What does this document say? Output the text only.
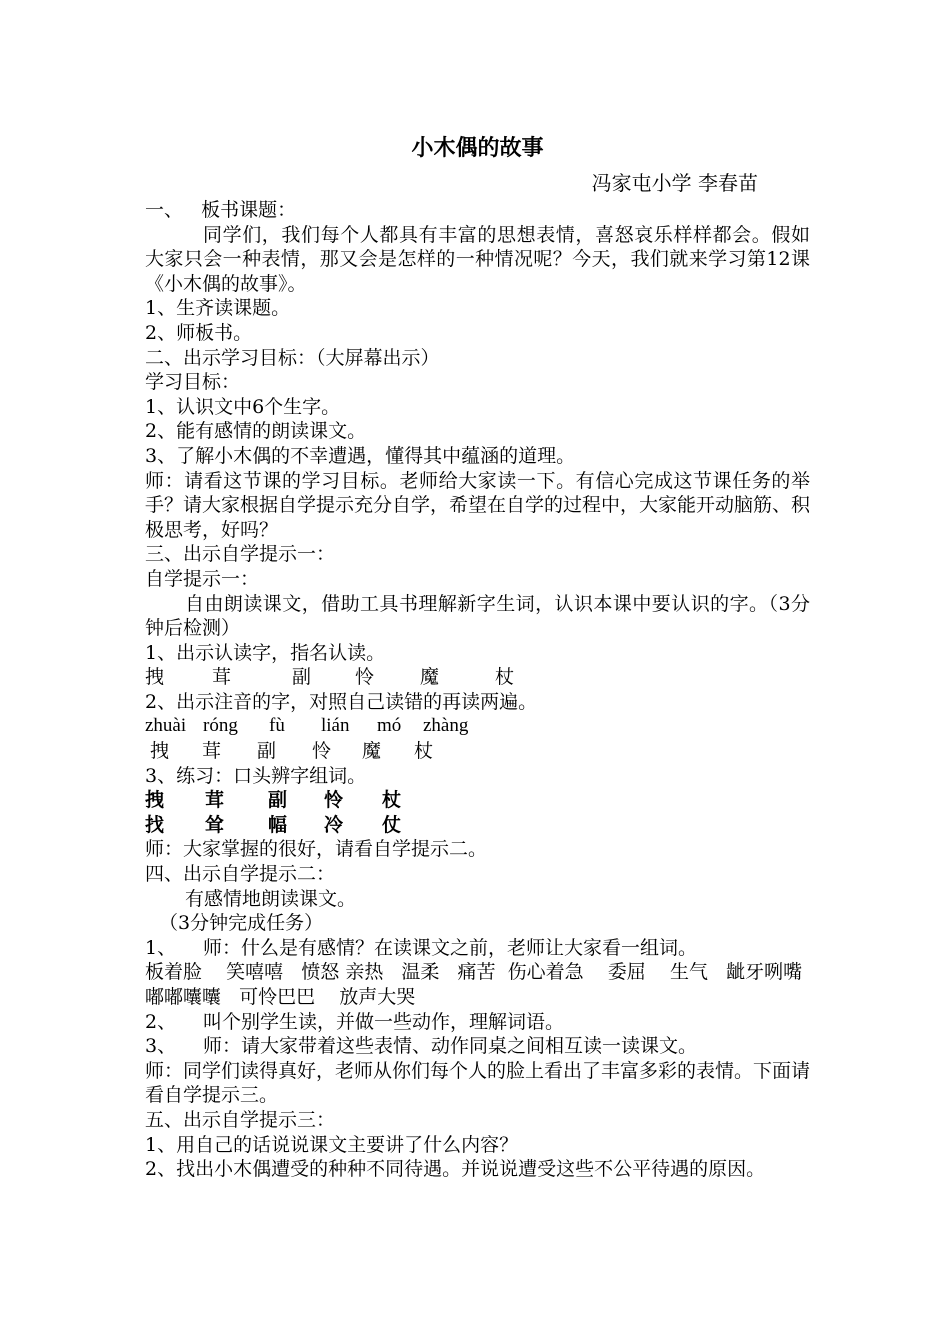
小木偶的故事
冯家屯小学 李春苗
一、   板书课题：
同学们，我们每个人都具有丰富的思想表情，喜怒哀乐样样都会。假如大家只会一种表情，那又会是怎样的一种情况呢？今天，我们就来学习第12课《小木偶的故事》。
1、生齐读课题。
2、师板书。
二、出示学习目标：（大屏幕出示）
学习目标：
1、认识文中6个生字。
2、能有感情的朗读课文。
3、了解小木偶的不幸遭遇，懂得其中蕴涵的道理。
师：请看这节课的学习目标。老师给大家读一下。有信心完成这节课任务的举手？请大家根据自学提示充分自学，希望在自学的过程中，大家能开动脑筋、积极思考，好吗？
三、出示自学提示一：
自学提示一：
自由朗读课文，借助工具书理解新字生词，认识本课中要认识的字。（3分钟后检测）
1、出示认读字，指名认读。
拽	茸	副	怜	魔	杖
2、出示注音的字，对照自己读错的再读两遍。
zhuài róng	fù	lián	mó	zhàng
拽	茸	副	怜	魔	杖
3、练习：口头辨字组词。
拽	茸	副	怜	杖
找	耸	幅	冷	仗
师：大家掌握的很好，请看自学提示二。
四、出示自学提示二：
有感情地朗读课文。
（3分钟完成任务）
1、 师：什么是有感情？在读课文之前，老师让大家看一组词。
板着脸    笑嘻嘻   愤怒 亲热   温柔   痛苦  伤心着急    委屈    生气   龇牙咧嘴     嘟嘟囔囔   可怜巴巴    放声大哭
2、 叫个别学生读，并做一些动作，理解词语。
3、 师：请大家带着这些表情、动作同桌之间相互读一读课文。
师：同学们读得真好，老师从你们每个人的脸上看出了丰富多彩的表情。下面请看自学提示三。
五、出示自学提示三：
1、用自己的话说说课文主要讲了什么内容？
2、找出小木偶遭受的种种不同待遇。并说说遭受这些不公平待遇的原因。
